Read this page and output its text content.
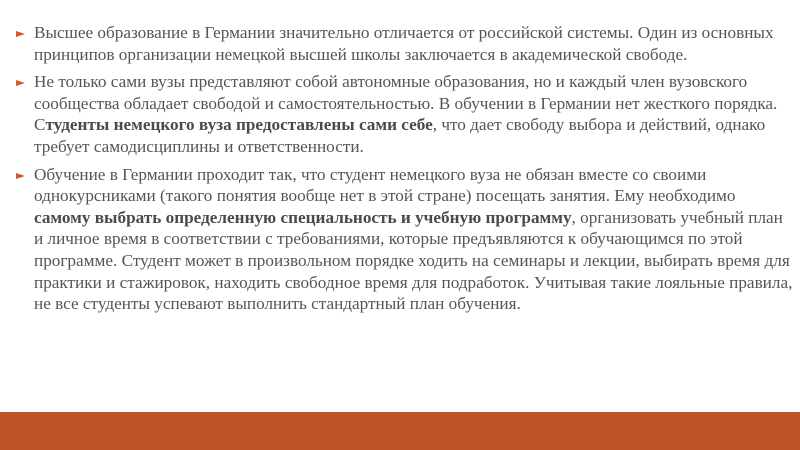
Высшее образование в Германии значительно отличается от российской системы. Один из основных принципов организации немецкой высшей школы заключается в академической свободе.

Не только сами вузы представляют собой автономные образования, но и каждый член вузовского сообщества обладает свободой и самостоятельностью. В обучении в Германии нет жесткого порядка. Студенты немецкого вуза предоставлены сами себе, что дает свободу выбора и действий, однако требует самодисциплины и ответственности.

Обучение в Германии проходит так, что студент немецкого вуза не обязан вместе со своими однокурсниками (такого понятия вообще нет в этой стране) посещать занятия. Ему необходимо самому выбрать определенную специальность и учебную программу, организовать учебный план и личное время в соответствии с требованиями, которые предъявляются к обучающимся по этой программе. Студент может в произвольном порядке ходить на семинары и лекции, выбирать время для практики и стажировок, находить свободное время для подработок. Учитывая такие лояльные правила, не все студенты успевают выполнить стандартный план обучения.
